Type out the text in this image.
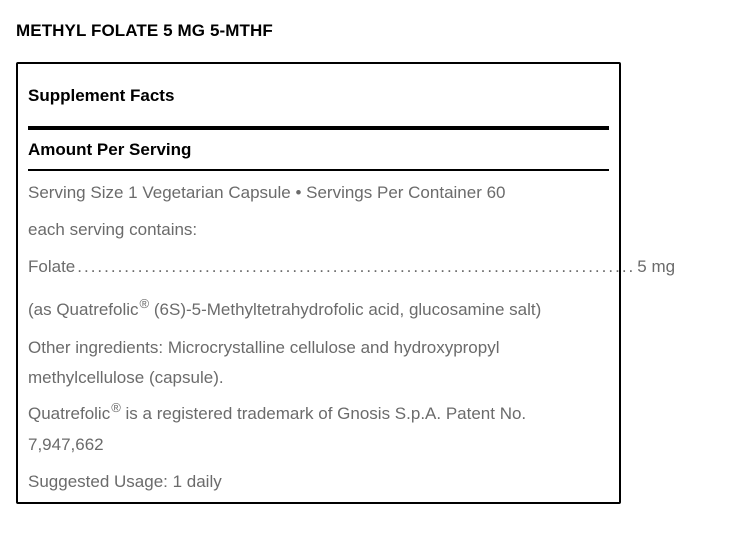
METHYL FOLATE 5 MG 5-MTHF
Supplement Facts
Amount Per Serving
Serving Size 1 Vegetarian Capsule • Servings Per Container 60
each serving contains:
Folate ................................................................................... 5 mg
(as Quatrefolic® (6S)-5-Methyltetrahydrofolic acid, glucosamine salt)
Other ingredients: Microcrystalline cellulose and hydroxypropyl
methylcellulose (capsule).
Quatrefolic® is a registered trademark of Gnosis S.p.A. Patent No.
7,947,662
Suggested Usage: 1 daily
